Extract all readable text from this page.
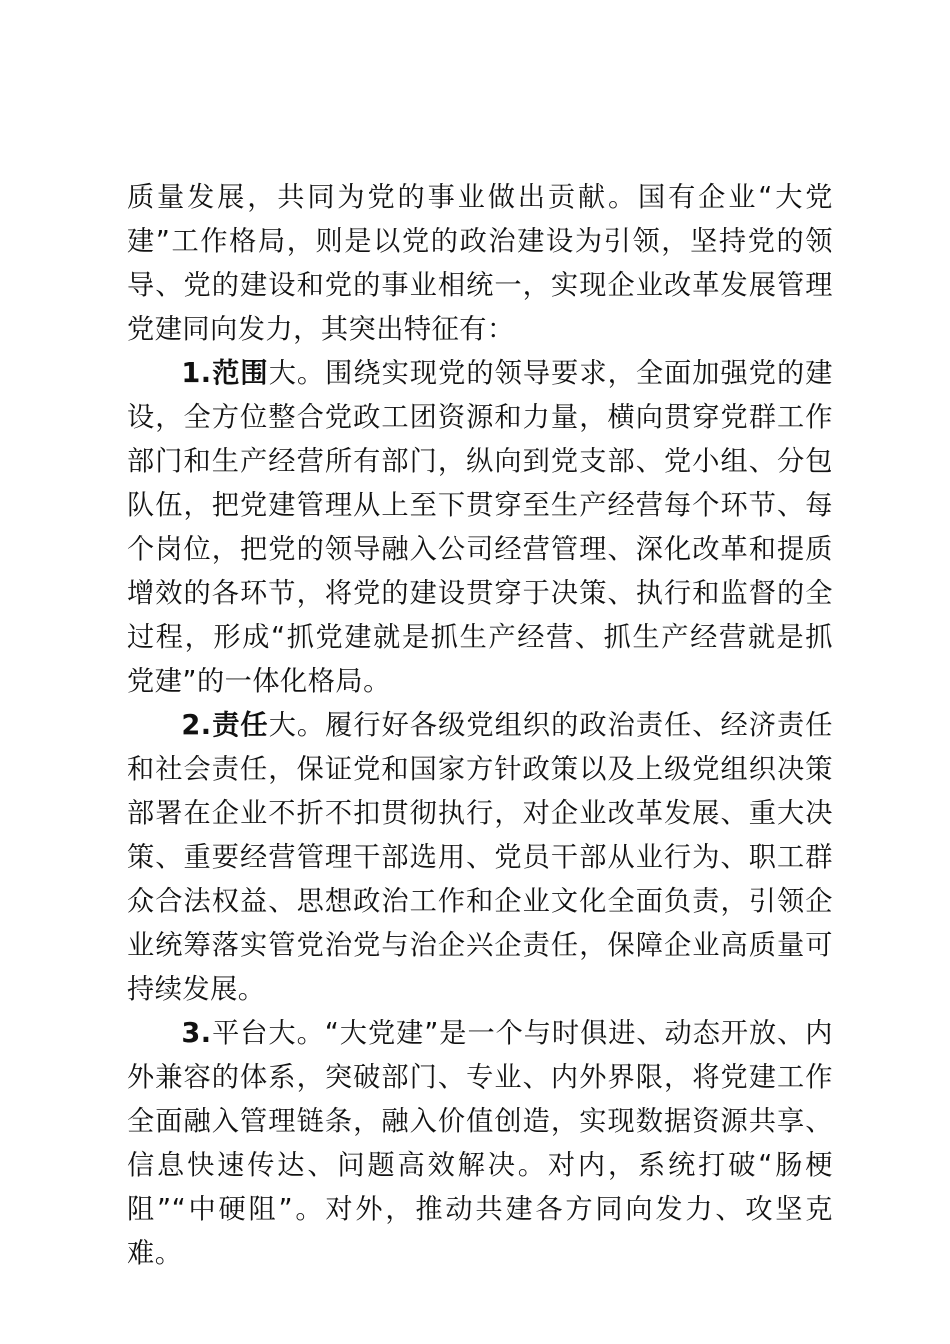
质量发展，共同为党的事业做出贡献。国有企业“大党建”工作格局，则是以党的政治建设为引领，坚持党的领导、党的建设和党的事业相统一，实现企业改革发展管理党建同向发力，其突出特征有：

1.范围大。围绕实现党的领导要求，全面加强党的建设，全方位整合党政工团资源和力量，横向贯穿党群工作部门和生产经营所有部门，纵向到党支部、党小组、分包队伍，把党建管理从上至下贯穿至生产经营每个环节、每个岗位，把党的领导融入公司经营管理、深化改革和提质增效的各环节，将党的建设贯穿于决策、执行和监督的全过程，形成“抓党建就是抓生产经营、抓生产经营就是抓党建”的一体化格局。

2.责任大。履行好各级党组织的政治责任、经济责任和社会责任，保证党和国家方针政策以及上级党组织决策部署在企业不折不扣贯彻执行，对企业改革发展、重大决策、重要经营管理干部选用、党员干部从业行为、职工群众合法权益、思想政治工作和企业文化全面负责，引领企业统筹落实管党治党与治企兴企责任，保障企业高质量可持续发展。

3.平台大。“大党建”是一个与时俱进、动态开放、内外兼容的体系，突破部门、专业、内外界限，将党建工作全面融入管理链条，融入价值创造，实现数据资源共享、信息快速传达、问题高效解决。对内，系统打破“肠梗阻”“中硬阻”。对外，推动共建各方同向发力、攻坚克难。
